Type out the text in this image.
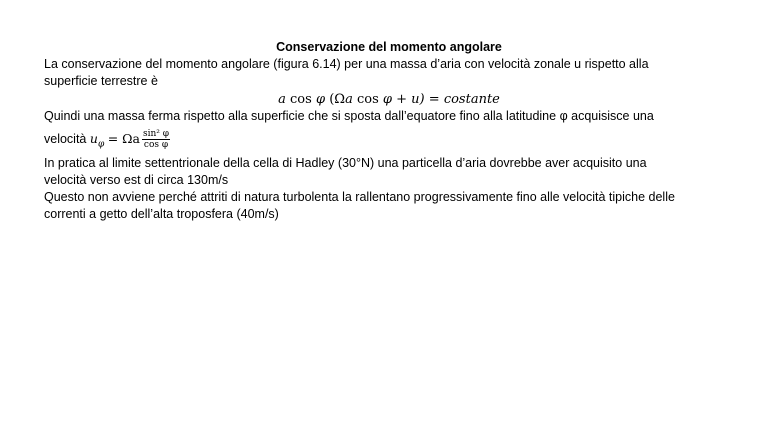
Conservazione del momento angolare
La conservazione del momento angolare (figura 6.14) per una massa d’aria con velocità zonale u rispetto alla
superficie terrestre è
a cos φ (Ωa cos φ + u) = costante
Quindi una massa ferma rispetto alla superficie che si sposta dall’equatore fino alla latitudine φ acquisisce una
velocità $u_\varphi = \Omega a \frac{\text{sin² φ}}{\text{cos φ}}$
In pratica al limite settentrionale della cella di Hadley (30°N) una particella d’aria dovrebbe aver acquisito una
velocità verso est di circa 130m/s
Questo non avviene perché attriti di natura turbolenta la rallentano progressivamente fino alle velocità tipiche delle
correnti a getto dell’alta troposfera (40m/s)
